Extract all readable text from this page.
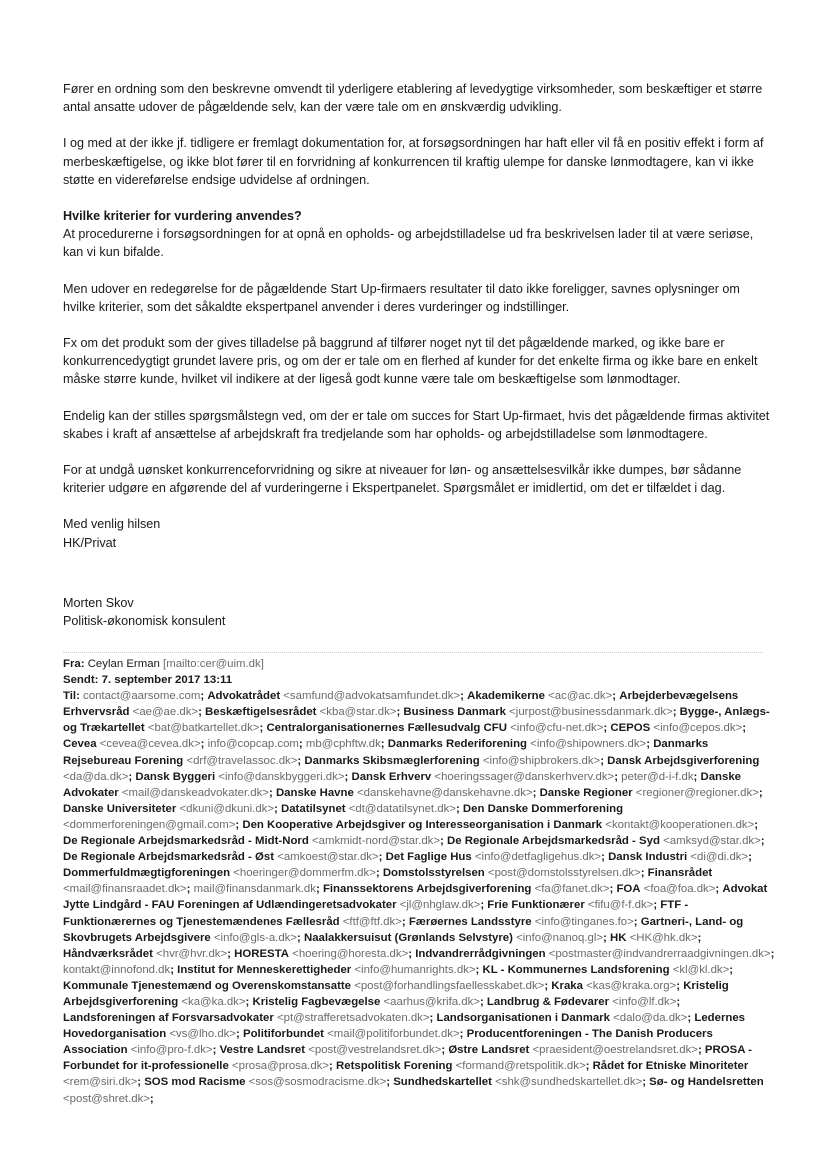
Fører en ordning som den beskrevne omvendt til yderligere etablering af levedygtige virksomheder, som beskæftiger et større antal ansatte udover de pågældende selv, kan der være tale om en ønskværdig udvikling.

I og med at der ikke jf. tidligere er fremlagt dokumentation for, at forsøgsordningen har haft eller vil få en positiv effekt i form af merbeskæftigelse, og ikke blot fører til en forvridning af konkurrencen til kraftig ulempe for danske lønmodtagere, kan vi ikke støtte en videreførelse endsige udvidelse af ordningen.

Hvilke kriterier for vurdering anvendes?

At procedurerne i forsøgsordningen for at opnå en opholds- og arbejdstilladelse ud fra beskrivelsen lader til at være seriøse, kan vi kun bifalde.

Men udover en redegørelse for de pågældende Start Up-firmaers resultater til dato ikke foreligger, savnes oplysninger om hvilke kriterier, som det såkaldte ekspertpanel anvender i deres vurderinger og indstillinger.

Fx om det produkt som der gives tilladelse på baggrund af tilfører noget nyt til det pågældende marked, og ikke bare er konkurrencedygtigt grundet lavere pris, og om der er tale om en flerhed af kunder for det enkelte firma og ikke bare en enkelt måske større kunde, hvilket vil indikere at der ligeså godt kunne være tale om beskæftigelse som lønmodtager.

Endelig kan der stilles spørgsmålstegn ved, om der er tale om succes for Start Up-firmaet, hvis det pågældende firmas aktivitet skabes i kraft af ansættelse af arbejdskraft fra tredjelande som har opholds- og arbejdstilladelse som lønmodtagere.

For at undgå uønsket konkurrenceforvridning og sikre at niveauer for løn- og ansættelsesvilkår ikke dumpes, bør sådanne kriterier udgøre en afgørende del af vurderingerne i Ekspertpanelet. Spørgsmålet er imidlertid, om det er tilfældet i dag.

Med venlig hilsen
HK/Privat
Morten Skov
Politisk-økonomisk konsulent
Fra: Ceylan Erman [mailto:cer@uim.dk]
Sendt: 7. september 2017 13:11
Til: contact@aarsome.com; Advokatrådet <samfund@advokatsamfundet.dk>; Akademikerne <ac@ac.dk>; Arbejderbevægelsens Erhvervsråd <ae@ae.dk>; Beskæftigelsesrådet <kba@star.dk>; Business Danmark <jurpost@businessdanmark.dk>; Bygge-, Anlægs- og Trækartellet <bat@batkartellet.dk>; Centralorganisationernes Fællesudvalg CFU <info@cfu-net.dk>; CEPOS <info@cepos.dk>; Cevea <cevea@cevea.dk>; info@copcap.com; mb@cphftw.dk; Danmarks Rederiforening <info@shipowners.dk>; Danmarks Rejsebureau Forening <drf@travelassoc.dk>; Danmarks Skibsmæglerforening <info@shipbrokers.dk>; Dansk Arbejdsgiverforening <da@da.dk>; Dansk Byggeri <info@danskbyggeri.dk>; Dansk Erhverv <hoeringssager@danskerhverv.dk>; peter@d-i-f.dk; Danske Advokater <mail@danskeadvokater.dk>; Danske Havne <danskehavne@danskehavne.dk>; Danske Regioner <regioner@regioner.dk>; Danske Universiteter <dkuni@dkuni.dk>; Datatilsynet <dt@datatilsynet.dk>; Den Danske Dommerforening <dommerforeningen@gmail.com>; Den Kooperative Arbejdsgiver og Interesseorganisation i Danmark <kontakt@kooperationen.dk>; De Regionale Arbejdsmarkedsråd - Midt-Nord <amkmidt-nord@star.dk>; De Regionale Arbejdsmarkedsråd - Syd <amksyd@star.dk>; De Regionale Arbejdsmarkedsråd - Øst <amkoest@star.dk>; Det Faglige Hus <info@detfagligehus.dk>; Dansk Industri <di@di.dk>; Dommerfuldmægtigforeningen <hoeringer@dommerfm.dk>; Domstolsstyrelsen <post@domstolsstyrelsen.dk>; Finansrådet <mail@finansraadet.dk>; mail@finansdanmark.dk; Finanssektorens Arbejdsgiverforening <fa@fanet.dk>; FOA <foa@foa.dk>; Advokat Jytte Lindgård - FAU Foreningen af Udlændingeretsadvokater <jl@nhglaw.dk>; Frie Funktionærer <fifu@f-f.dk>; FTF - Funktionærernes og Tjenestemændenes Fællesråd <ftf@ftf.dk>; Færøernes Landsstyre <info@tinganes.fo>; Gartneri-, Land- og Skovbrugets Arbejdsgivere <info@gls-a.dk>; Naalakkersuisut (Grønlands Selvstyre) <info@nanoq.gl>; HK <HK@hk.dk>; Håndværksrådet <hvr@hvr.dk>; HORESTA <hoering@horesta.dk>; Indvandrerrådgivningen <postmaster@indvandrerraadgivningen.dk>; kontakt@innofond.dk; Institut for Menneskerettigheder <info@humanrights.dk>; KL - Kommunernes Landsforening <kl@kl.dk>; Kommunale Tjenestemænd og Overenskomstansatte <post@forhandlingsfaellesskabet.dk>; Kraka <kas@kraka.org>; Kristelig Arbejdsgiverforening <ka@ka.dk>; Kristelig Fagbevægelse <aarhus@krifa.dk>; Landbrug & Fødevarer <info@lf.dk>; Landsforeningen af Forsvarsadvokater <pt@strafferetsadvokaten.dk>; Landsorganisationen i Danmark <dalo@da.dk>; Ledernes Hovedorganisation <vs@lho.dk>; Politiforbundet <mail@politiforbundet.dk>; Producentforeningen - The Danish Producers Association <info@pro-f.dk>; Vestre Landsret <post@vestrelandsret.dk>; Østre Landsret <praesident@oestrelandsret.dk>; PROSA - Forbundet for it-professionelle <prosa@prosa.dk>; Retspolitisk Forening <formand@retspolitik.dk>; Rådet for Etniske Minoriteter <rem@siri.dk>; SOS mod Racisme <sos@sosmodracisme.dk>; Sundhedskartellet <shk@sundhedskartellet.dk>; Sø- og Handelsretten <post@shret.dk>;
